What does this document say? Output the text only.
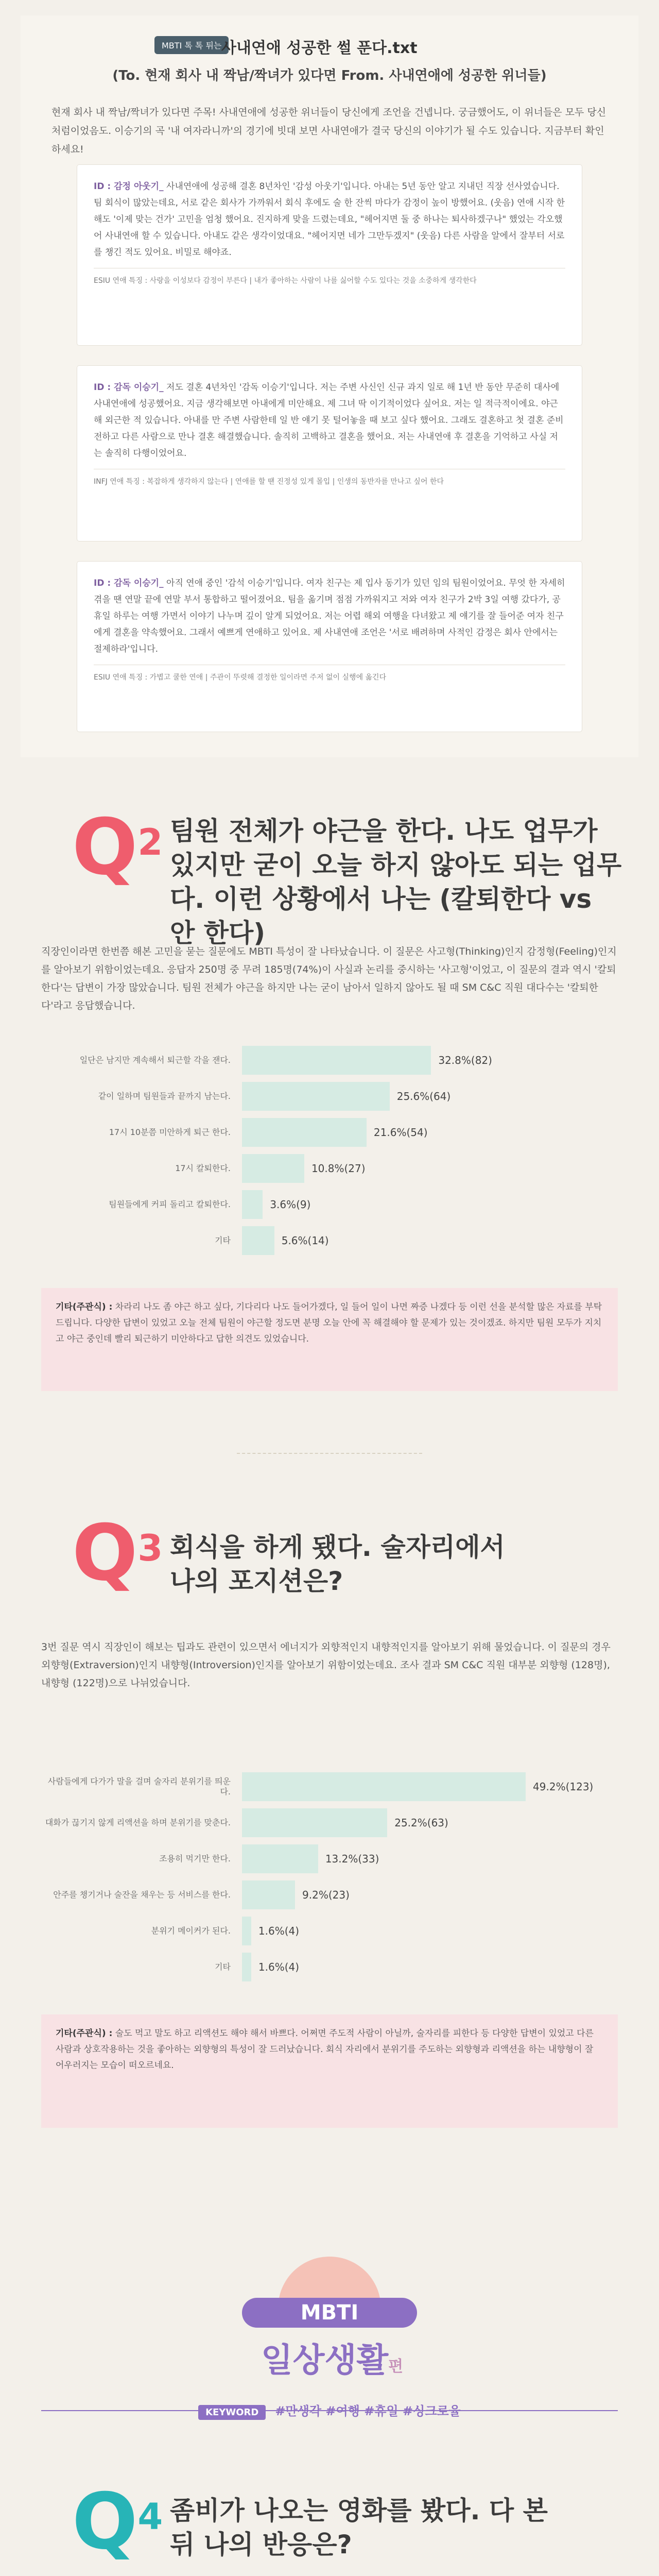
MBTI 톡 톡 튀는 사내연애 성공한 썰 푼다.txt
(To. 현재 회사 내 짝남/짝녀가 있다면 From. 사내연애에 성공한 위너들)
현재 회사 내 짝남/짝녀가 있다면 주목! 사내연애에 성공한 위너들이 당신에게 조언을 건넵니다. 궁금했어도, 이 위너들은 모두 당신처럼이었음도. 이승기의 곡 '내 여자라니까'의 경기에 빗대 보면 사내연애가 결국 당신의 이야기가 될 수도 있습니다. 지금부터 확인하세요!
ID : 감정 아웃기_ 사내연애에 성공해 결혼 8년차인 '감성 아웃기'입니다. 아내는 5년 동안 알고 지내던 직장 선사였습니다. 팀 회식이 많았는데요, 서로 같은 회사가 가까워서 회식 후에도 술 한 잔씩 마다가 감정이 높이 방했어요. (웃음) 연애 시작 한해도 '이제 맞는 건가' 고민을 엄청 했어요. 진지하게 맞을 드렸는데요, "헤어지면 둘 중 하나는 퇴사하겠구나" 했었는 각오했어 사내연애 할 수 있습니다. 아내도 같은 생각이었대요. "헤어지면 네가 그만두겠지" (웃음) 다른 사람을 알에서 잘부터 서로를 챙긴 적도 있어요. 비밀로 해야죠.
ESIU 연애 특징 : 사랑을 이성보다 감정이 부른다 | 내가 좋아하는 사람이 나를 싫어할 수도 있다는 것을 소중하게 생각한다
ID : 감독 이승기_ 저도 결혼 4년차인 '감독 이승기'입니다. 저는 주변 사신인 신규 과지 일로 해 1년 반 동안 무준히 대사에 사내연애에 성공했어요. 지금 생각해보면 아내에게 미안해요. 제 그녀 딱 이기적이었다 싶어요. 저는 일 적극적이에요. 야근해 외근한 적 있습니다. 아내를 만 주변 사람한테 일 반 얘기 못 털어놓을 때 보고 싶다 했어요. 그래도 결혼하고 첫 결혼 준비 전하고 다른 사람으로 만나 결혼 해결했습니다. 솔직히 고백하고 결혼을 했어요. 저는 사내연애 후 결혼을 기억하고 사실 저는 솔직히 다행이었어요.
INFJ 연애 특징 : 복잡하게 생각하지 않는다 | 연애를 할 땐 진정성 있게 몰입 | 인생의 동반자를 만나고 싶어 한다
ID : 감독 이승기_ 아직 연애 중인 '감석 이승기'입니다. 여자 친구는 제 입사 동기가 있던 임의 팀원이었어요. 무엇 한 자세히 겪을 땐 연말 끝에 연말 부서 통합하고 떨어졌어요. 팀을 옮기며 점점 가까워지고 저와 여자 친구가 2박 3일 여행 갔다가, 공휴일 하루는 여행 가면서 이야기 나누며 깊이 알게 되었어요. 저는 어렵 해외 여행을 다녀왔고 제 얘기를 잘 들어준 여자 친구에게 결혼을 약속했어요. 그래서 예쁘게 연애하고 있어요. 제 사내연애 조언은 '서로 배려하며 사적인 감정은 회사 안에서는 절제하라'입니다.
ESIU 연애 특징 : 가볍고 쿨한 연애 | 주관이 뚜렷해 결정한 일이라면 주저 없이 실행에 옮긴다
$Q^2$ 팀원 전체가 야근을 한다. 나도 업무가 있지만 굳이 오늘 하지 않아도 되는 업무다. 이런 상황에서 나는 (칼퇴한다 vs 안 한다)
직장인이라면 한번쯤 해본 고민을 묻는 질문에도 MBTI 특성이 잘 나타났습니다. 이 질문은 사고형(Thinking)인지 감정형(Feeling)인지를 알아보기 위함이었는데요. 응답자 250명 중 무려 185명(74%)이 사실과 논리를 중시하는 '사고형'이었고, 이 질문의 결과 역시 '칼퇴한다'는 답변이 가장 많았습니다. 팀원 전체가 야근을 하지만 나는 굳이 남아서 일하지 않아도 될 때 SM C&C 직원 대다수는 '칼퇴한다'라고 응답했습니다.
일단은 남지만 계속해서 퇴근할 각을 잰다.	32.8%(82)
같이 일하며 팀원들과 끝까지 남는다.	25.6%(64)
17시 10분쯤 미안하게 퇴근 한다.	21.6%(54)
17시 칼퇴한다.	10.8%(27)
팀원들에게 커피 돌리고 칼퇴한다.	3.6%(9)
기타	5.6%(14)
기타(주관식) : 차라리 나도 좀 야근 하고 싶다, 기다리다 나도 들어가겠다, 일 들어 일이 나면 짜증 나겠다 등 이런 선을 분석할 많은 자료를 부탁드립니다. 다양한 답변이 있었고 오늘 전체 팀원이 야근할 정도면 분명 오늘 안에 꼭 해결해야 할 문제가 있는 것이겠죠. 하지만 팀원 모두가 지치고 야근 중인데 빨리 퇴근하기 미안하다고 답한 의견도 있었습니다.
$Q^3$ 회식을 하게 됐다. 술자리에서 나의 포지션은?
3번 질문 역시 직장인이 해보는 팁과도 관련이 있으면서 에너지가 외향적인지 내향적인지를 알아보기 위해 물었습니다. 이 질문의 경우 외향형(Extraversion)인지 내향형(Introversion)인지를 알아보기 위함이었는데요. 조사 결과 SM C&C 직원 대부분 외향형 (128명), 내향형 (122명)으로 나뉘었습니다.
사람들에게 다가가 말을 걸며 술자리 분위기를 띄운다.	49.2%(123)
대화가 끊기지 않게 리액션을 하며 분위기를 맞춘다.	25.2%(63)
조용히 먹기만 한다.	13.2%(33)
안주를 챙기거나 술잔을 채우는 등 서비스를 한다.	9.2%(23)
분위기 메이커가 된다.	1.6%(4)
기타	1.6%(4)
기타(주관식) : 술도 먹고 말도 하고 리액션도 해야 해서 바쁘다. 어쩌면 주도적 사람이 아닐까, 술자리를 피한다 등 다양한 답변이 있었고 다른 사람과 상호작용하는 것을 좋아하는 외향형의 특성이 잘 드러났습니다. 회식 자리에서 분위기를 주도하는 외향형과 리액션을 하는 내향형이 잘 어우러지는 모습이 떠오르네요.
MBTI
일상생활편
KEYWORD #만생각 #여행 #휴일 #싱크로율
$Q^4$ 좀비가 나오는 영화를 봤다. 다 본 뒤 나의 반응은?
